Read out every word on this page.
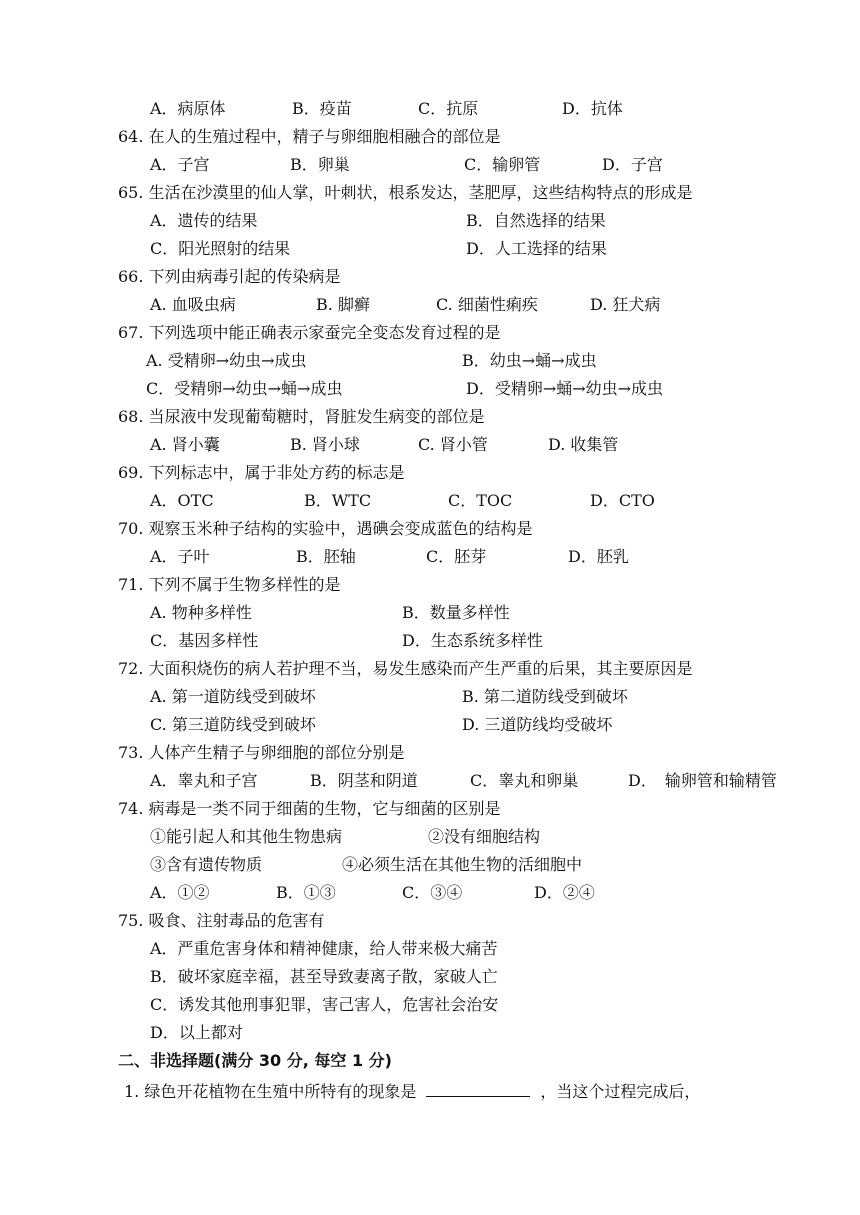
A．病原体	B．疫苗	C．抗原	D．抗体
64. 在人的生殖过程中，精子与卵细胞相融合的部位是
A．子宫	B．卵巢	C．输卵管	D．子宫
65. 生活在沙漠里的仙人掌，叶刺状，根系发达，茎肥厚，这些结构特点的形成是
A．遗传的结果	B．自然选择的结果
C．阳光照射的结果	D．人工选择的结果
66. 下列由病毒引起的传染病是
A. 血吸虫病	B. 脚癣	C. 细菌性痢疾	D. 狂犬病
67. 下列选项中能正确表示家蚕完全变态发育过程的是
A. 受精卵→幼虫→成虫	B．幼虫→蛹→成虫
C．受精卵→幼虫→蛹→成虫	D．受精卵→蛹→幼虫→成虫
68. 当尿液中发现葡萄糖时，肾脏发生病变的部位是
A. 肾小囊	B. 肾小球	C. 肾小管	D. 收集管
69. 下列标志中，属于非处方药的标志是
A．OTC	B．WTC	C．TOC	D．CTO
70. 观察玉米种子结构的实验中，遇碘会变成蓝色的结构是
A．子叶	B．胚轴	C．胚芽	D．胚乳
71. 下列不属于生物多样性的是
A. 物种多样性	B．数量多样性
C．基因多样性	D．生态系统多样性
72. 大面积烧伤的病人若护理不当，易发生感染而产生严重的后果，其主要原因是
A. 第一道防线受到破坏	B. 第二道防线受到破坏
C. 第三道防线受到破坏	D. 三道防线均受破坏
73. 人体产生精子与卵细胞的部位分别是
A．睾丸和子宫	B．阴茎和阴道	C．睾丸和卵巢	D．　输卵管和输精管
74. 病毒是一类不同于细菌的生物，它与细菌的区别是
①能引起人和其他生物患病	②没有细胞结构
③含有遗传物质	④必须生活在其他生物的活细胞中
A．①②	B．①③	C．③④	D．②④
75. 吸食、注射毒品的危害有
A．严重危害身体和精神健康，给人带来极大痛苦
B．破坏家庭幸福，甚至导致妻离子散，家破人亡
C．诱发其他刑事犯罪，害己害人，危害社会治安
D．以上都对
二、非选择题(满分 30 分, 每空 1 分)
1. 绿色开花植物在生殖中所特有的现象是	，当这个过程完成后，
